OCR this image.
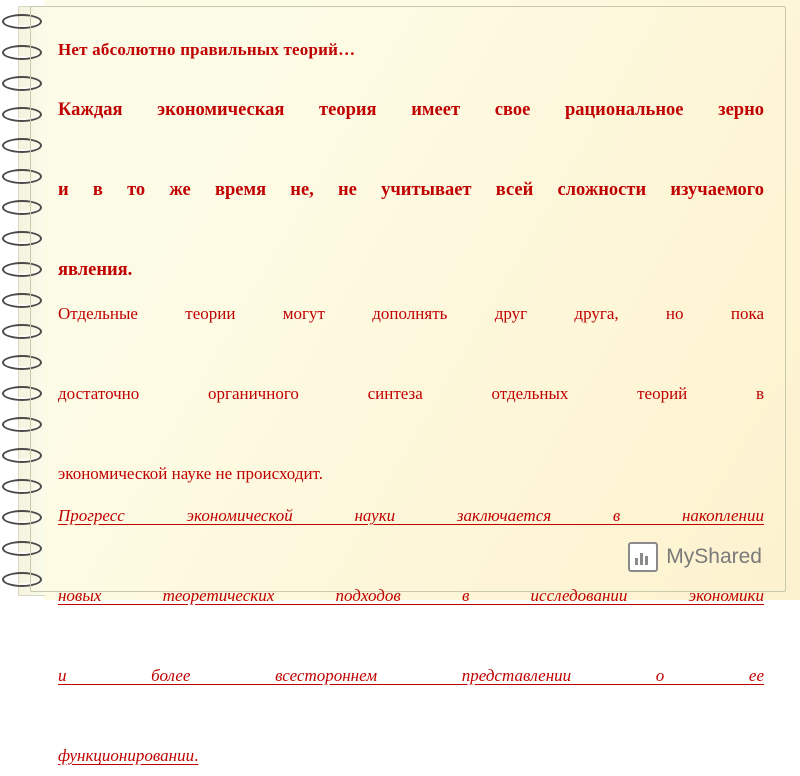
Нет абсолютно правильных теорий…

Каждая экономическая теория имеет свое рациональное зерно
и в то же время не, не учитывает всей сложности изучаемого
явления.

Отдельные теории могут дополнять друг друга, но пока
достаточно органичного синтеза отдельных теорий в
экономической науке не происходит.

Прогресс экономической науки заключается в накоплении
новых теоретических подходов в исследовании экономики
и более всестороннем представлении о ее
функционировании.

MyShared
